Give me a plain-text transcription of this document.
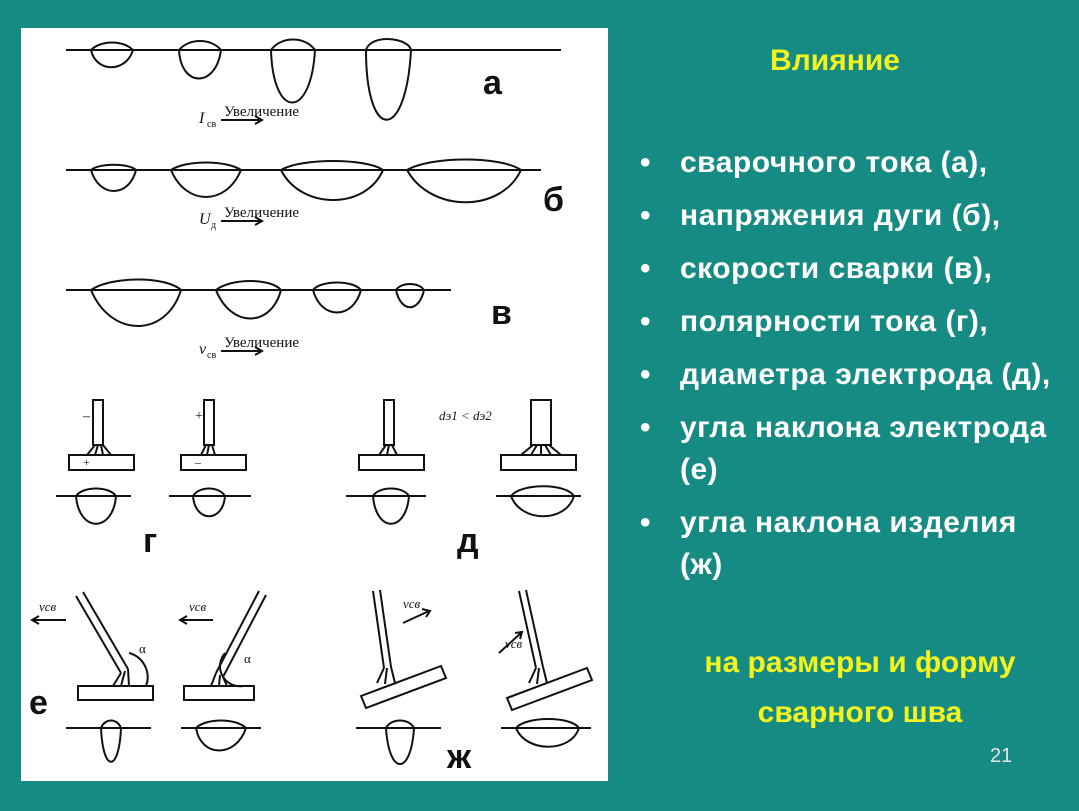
I св
Увеличение
U д
Увеличение
v св
Увеличение
–
+
+
–
dэ1 < dэ2
α
vсв
α
vсв	vсв
vсв
а
б
в
г	д
е
ж
Влияние
• сварочного тока (а),
• напряжения дуги (б),
• скорости сварки (в),
• полярности тока (г),
• диаметра электрода (д),
• угла наклона электрода (е)
• угла наклона изделия (ж)
на размеры и форму сварного шва
21
